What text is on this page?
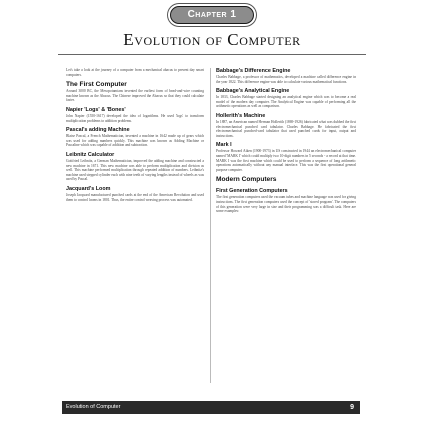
Chapter 1
Evolution of Computer

Let's take a look at the journey of a computer from a mechanical abacus to present day smart computers.

The First Computer

Around 3000 BC, the Mesopotamians invented the earliest form of bead-and-wire counting machine known as the Abacus. The Chinese improved the Abacus so that they could calculate faster.

Napier 'Logs' & 'Bones'

John Napier (1550-1617) developed the idea of logarithms. He used 'logs' to transform multiplication problems to addition problems.

Pascal's adding Machine

Blaise Pascal, a French Mathematician, invented a machine in 1642 made up of gears which was used for adding numbers quickly. This machine was known as Adding Machine or Pascaline which was capable of addition and subtraction.

Leibnitz Calculator

Gottfried Leibnitz, a German Mathematician, improved the adding machine and constructed a new machine in 1671. This new machine was able to perform multiplication and division as well. This machine performed multiplication through repeated addition of numbers. Leibnitz's machine used stepped cylinder each with nine teeth of varying lengths instead of wheels as was used by Pascal.

Jacquard's Loom

Joseph Jacquard manufactured punched cards at the end of the American Revolution and used them to control looms in 1801. Thus, the entire control weaving process was automated.

Babbage's Difference Engine

Charles Babbage, a professor of mathematics, developed a machine called difference engine in the year 1822. This difference engine was able to calculate various mathematical functions.

Babbage's Analytical Engine

In 1833, Charles Babbage started designing an analytical engine which was to become a real model of the modern day computer. The Analytical Engine was capable of performing all the arithmetic operations as well as comparison.

Hollerith's Machine

In 1887, an American named Herman Hollerith (1869-1926) fabricated what was dubbed the first electromechanical punched card tabulator. Charles Babbage. He fabricated the first electromechanical punched-card tabulator that used punched cards for input, output and instructions.

Mark I

Professor Howard Aiken (1900-1973) in US constructed in 1944 an electromechanical computer named 'MARK I' which could multiply two 10-digit numbers in 5 seconds - a record at that time. MARK I was the first machine which could be used to perform a sequence of long arithmetic operations automatically without any manual interface. This was the first operational general purpose computer.

Modern Computers
First Generation Computers

The first generation computers used the vacuum tubes and machine language was used for giving instructions. The first generation computers used the concept of 'stored program'. The computers of this generation were very large in size and their programming was a difficult task. Here are some examples:

Evolution of Computer	9
